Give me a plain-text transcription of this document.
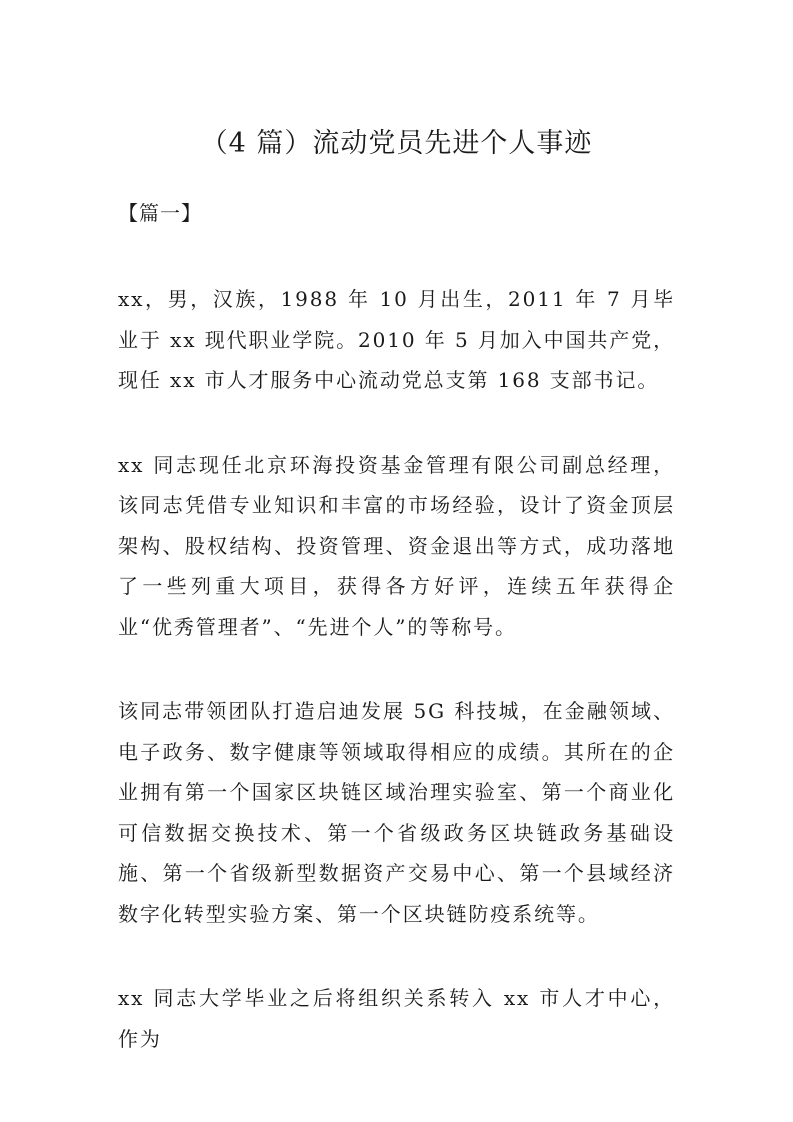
（4 篇）流动党员先进个人事迹
【篇一】

xx，男，汉族，1988 年 10 月出生，2011 年 7 月毕业于 xx 现代职业学院。2010 年 5 月加入中国共产党，现任 xx 市人才服务中心流动党总支第 168 支部书记。

xx 同志现任北京环海投资基金管理有限公司副总经理，该同志凭借专业知识和丰富的市场经验，设计了资金顶层架构、股权结构、投资管理、资金退出等方式，成功落地了一些列重大项目，获得各方好评，连续五年获得企业“优秀管理者”、“先进个人”的等称号。

该同志带领团队打造启迪发展 5G 科技城，在金融领域、电子政务、数字健康等领域取得相应的成绩。其所在的企业拥有第一个国家区块链区域治理实验室、第一个商业化可信数据交换技术、第一个省级政务区块链政务基础设施、第一个省级新型数据资产交易中心、第一个县域经济数字化转型实验方案、第一个区块链防疫系统等。

xx 同志大学毕业之后将组织关系转入 xx 市人才中心，作为
